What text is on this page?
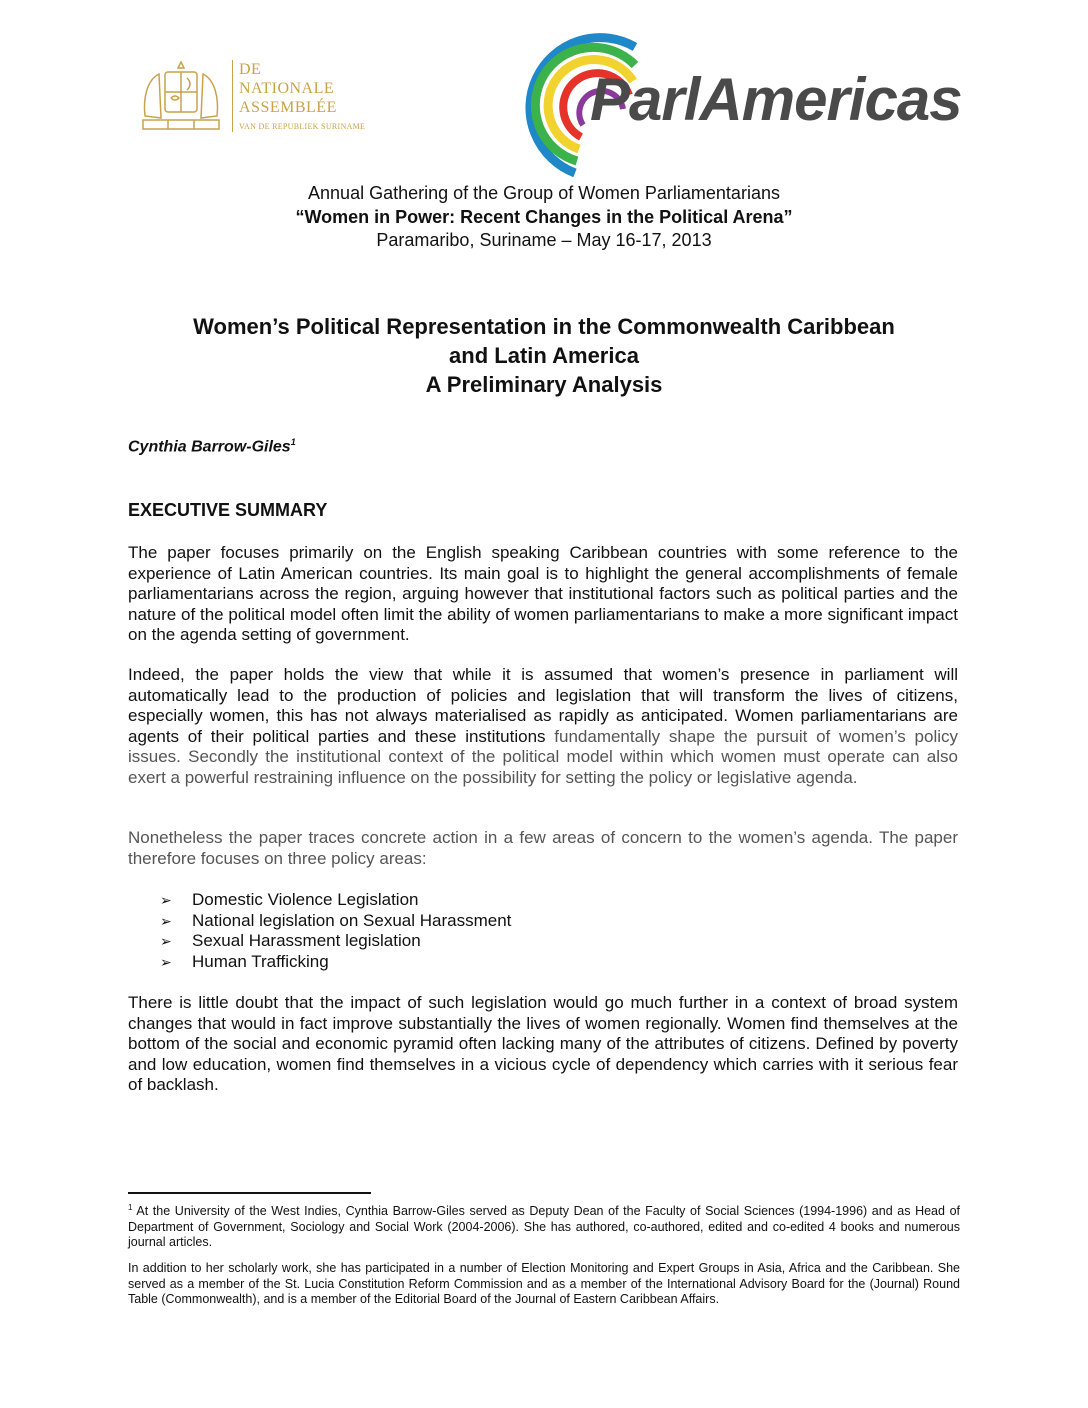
DE
NATIONALE
ASSEMBLÉE
VAN DE REPUBLIEK SURINAME	ParlAmericas
Annual Gathering of the Group of Women Parliamentarians
“Women in Power: Recent Changes in the Political Arena”
Paramaribo, Suriname – May 16-17, 2013
Women’s Political Representation in the Commonwealth Caribbean
and Latin America
A Preliminary Analysis
Cynthia Barrow-Giles$^1$
EXECUTIVE SUMMARY

The paper focuses primarily on the English speaking Caribbean countries with some reference to the experience of Latin American countries. Its main goal is to highlight the general accomplishments of female parliamentarians across the region, arguing however that institutional factors such as political parties and the nature of the political model often limit the ability of women parliamentarians to make a more significant impact on the agenda setting of government.

Indeed, the paper holds the view that while it is assumed that women’s presence in parliament will automatically lead to the production of policies and legislation that will transform the lives of citizens, especially women, this has not always materialised as rapidly as anticipated. Women parliamentarians are agents of their political parties and these institutions fundamentally shape the pursuit of women’s policy issues. Secondly the institutional context of the political model within which women must operate can also exert a powerful restraining influence on the possibility for setting the policy or legislative agenda.

Nonetheless the paper traces concrete action in a few areas of concern to the women’s agenda. The paper therefore focuses on three policy areas:

➢ Domestic Violence Legislation
➢ National legislation on Sexual Harassment
➢ Sexual Harassment legislation
➢ Human Trafficking

There is little doubt that the impact of such legislation would go much further in a context of broad system changes that would in fact improve substantially the lives of women regionally. Women find themselves at the bottom of the social and economic pyramid often lacking many of the attributes of citizens. Defined by poverty and low education, women find themselves in a vicious cycle of dependency which carries with it serious fear of backlash.

$^1$ At the University of the West Indies, Cynthia Barrow-Giles served as Deputy Dean of the Faculty of Social Sciences (1994-1996) and as Head of Department of Government, Sociology and Social Work (2004-2006). She has authored, co-authored, edited and co-edited 4 books and numerous journal articles.

In addition to her scholarly work, she has participated in a number of Election Monitoring and Expert Groups in Asia, Africa and the Caribbean. She served as a member of the St. Lucia Constitution Reform Commission and as a member of the International Advisory Board for the (Journal) Round Table (Commonwealth), and is a member of the Editorial Board of the Journal of Eastern Caribbean Affairs.
